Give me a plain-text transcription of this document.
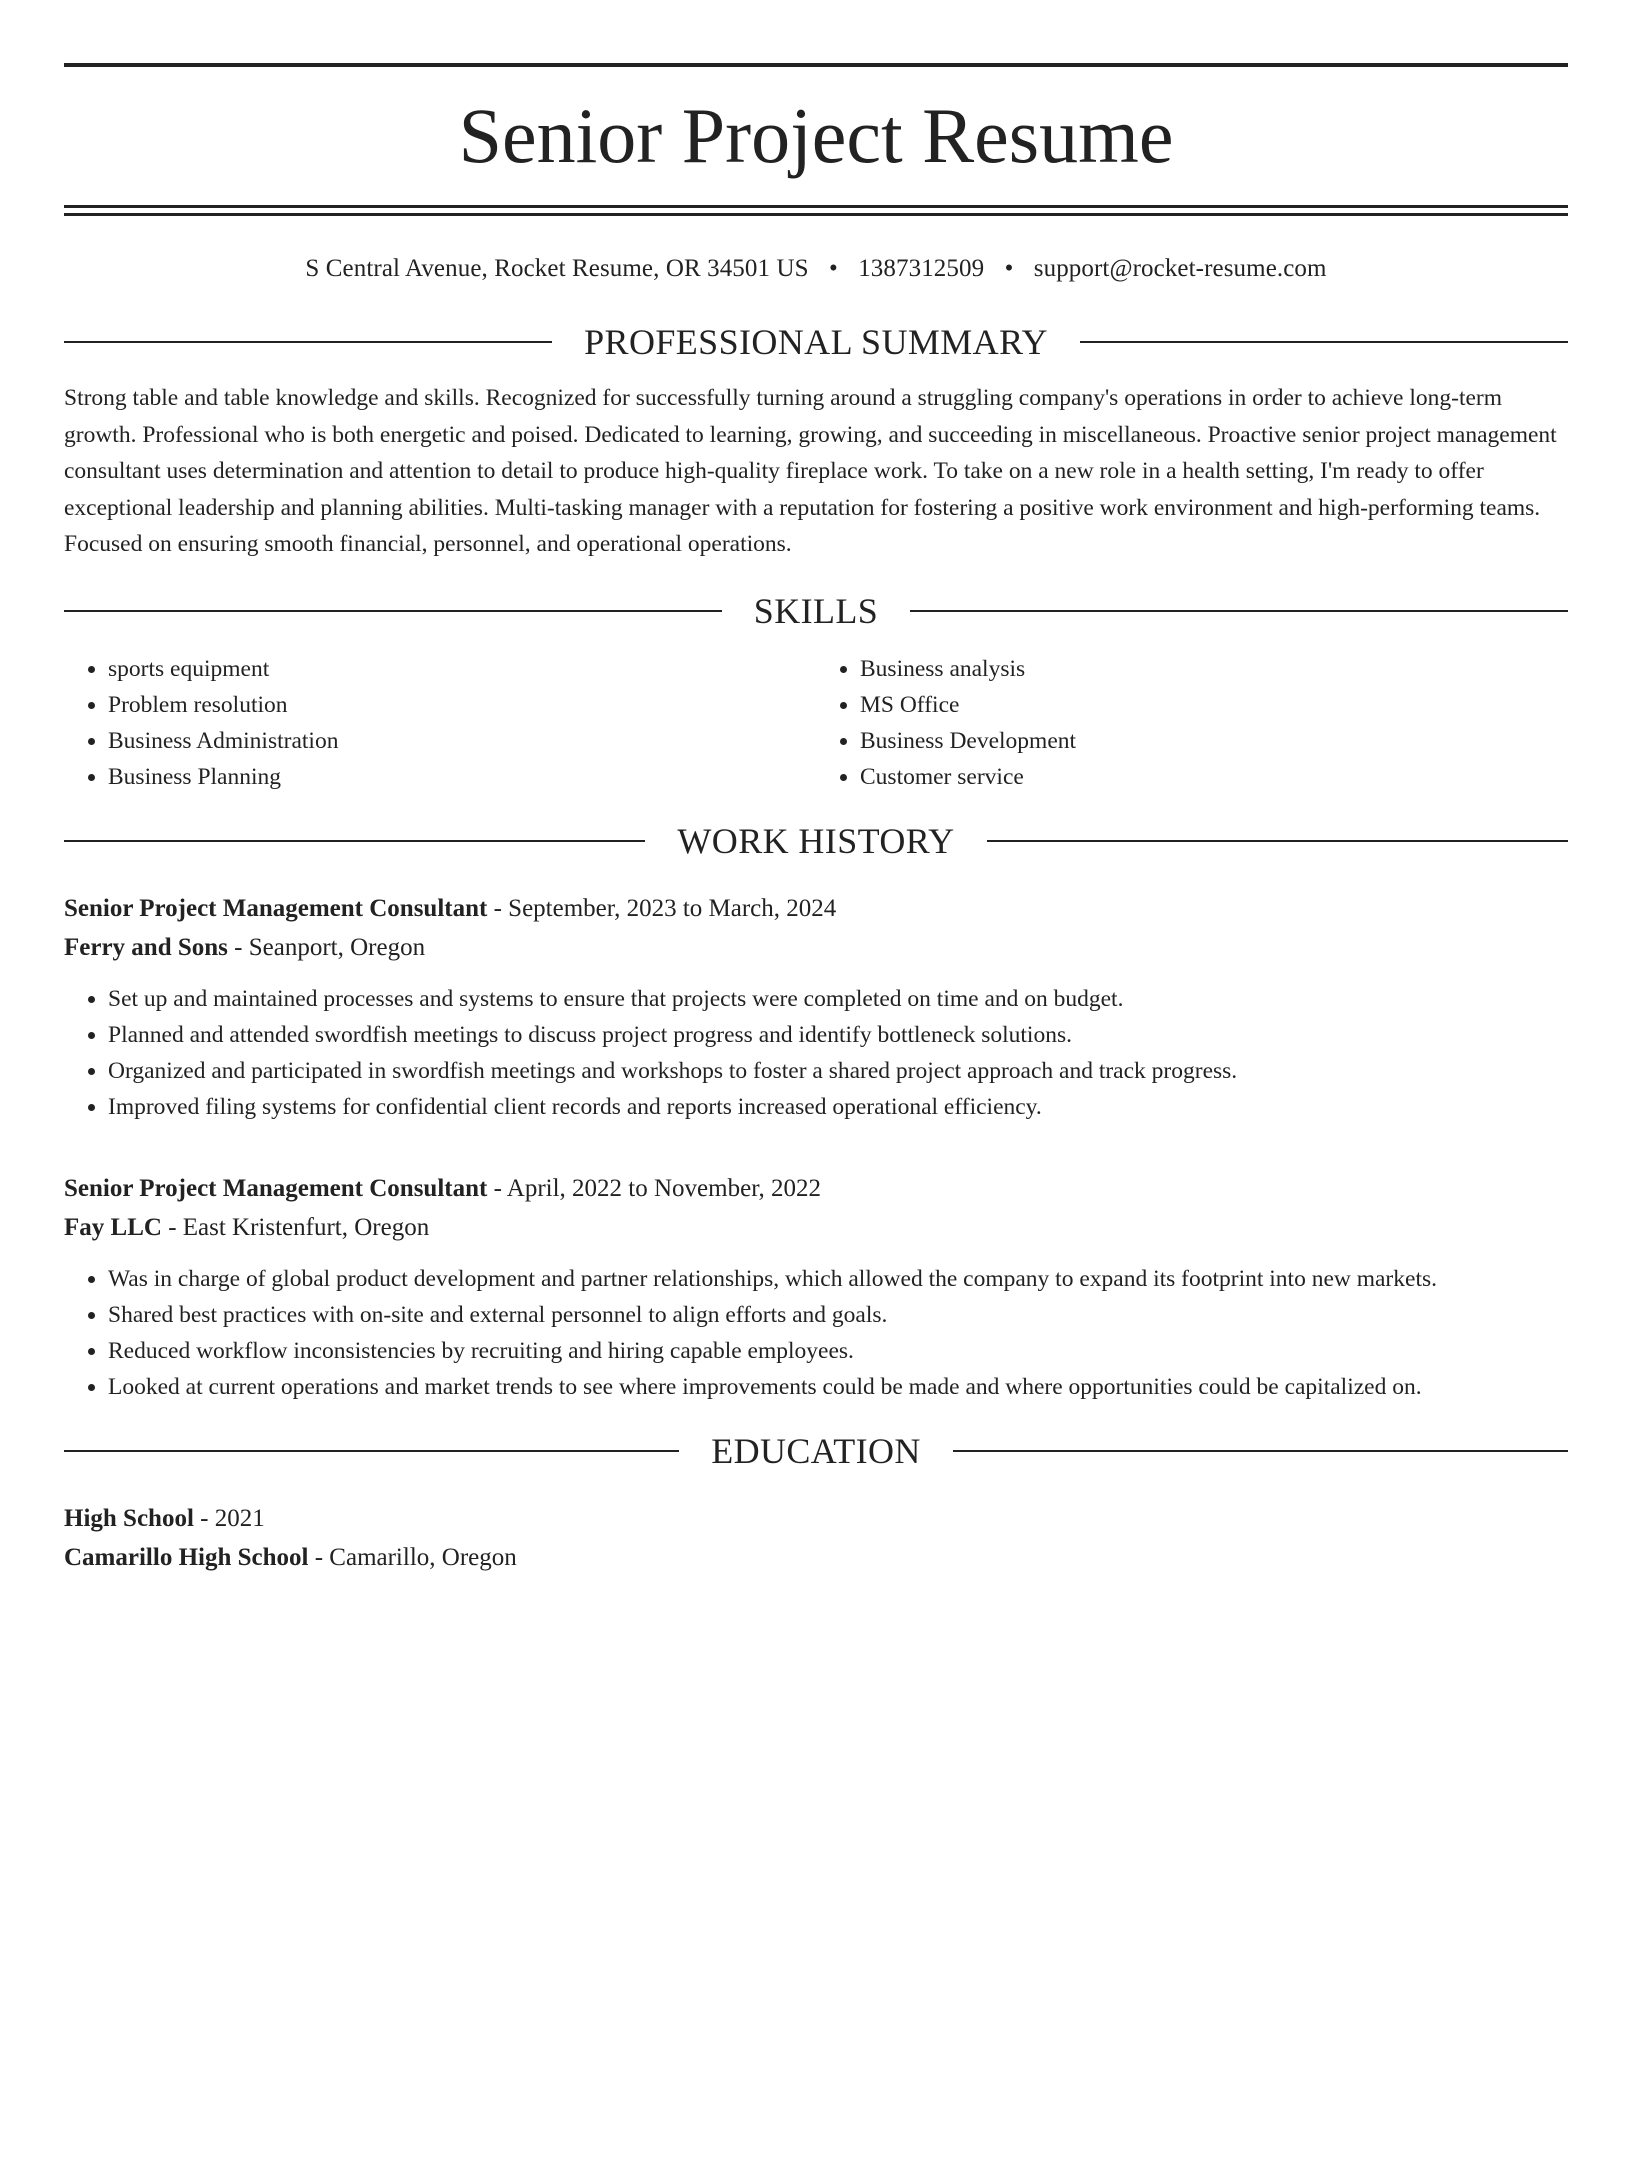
Senior Project Resume
S Central Avenue, Rocket Resume, OR 34501 US • 1387312509 • support@rocket-resume.com
PROFESSIONAL SUMMARY
Strong table and table knowledge and skills. Recognized for successfully turning around a struggling company's operations in order to achieve long-term growth. Professional who is both energetic and poised. Dedicated to learning, growing, and succeeding in miscellaneous. Proactive senior project management consultant uses determination and attention to detail to produce high-quality fireplace work. To take on a new role in a health setting, I'm ready to offer exceptional leadership and planning abilities. Multi-tasking manager with a reputation for fostering a positive work environment and high-performing teams. Focused on ensuring smooth financial, personnel, and operational operations.
SKILLS
• sports equipment
• Problem resolution
• Business Administration
• Business Planning
• Business analysis
• MS Office
• Business Development
• Customer service
WORK HISTORY
Senior Project Management Consultant - September, 2023 to March, 2024
Ferry and Sons - Seanport, Oregon
• Set up and maintained processes and systems to ensure that projects were completed on time and on budget.
• Planned and attended swordfish meetings to discuss project progress and identify bottleneck solutions.
• Organized and participated in swordfish meetings and workshops to foster a shared project approach and track progress.
• Improved filing systems for confidential client records and reports increased operational efficiency.
Senior Project Management Consultant - April, 2022 to November, 2022
Fay LLC - East Kristenfurt, Oregon
• Was in charge of global product development and partner relationships, which allowed the company to expand its footprint into new markets.
• Shared best practices with on-site and external personnel to align efforts and goals.
• Reduced workflow inconsistencies by recruiting and hiring capable employees.
• Looked at current operations and market trends to see where improvements could be made and where opportunities could be capitalized on.
EDUCATION
High School - 2021
Camarillo High School - Camarillo, Oregon
